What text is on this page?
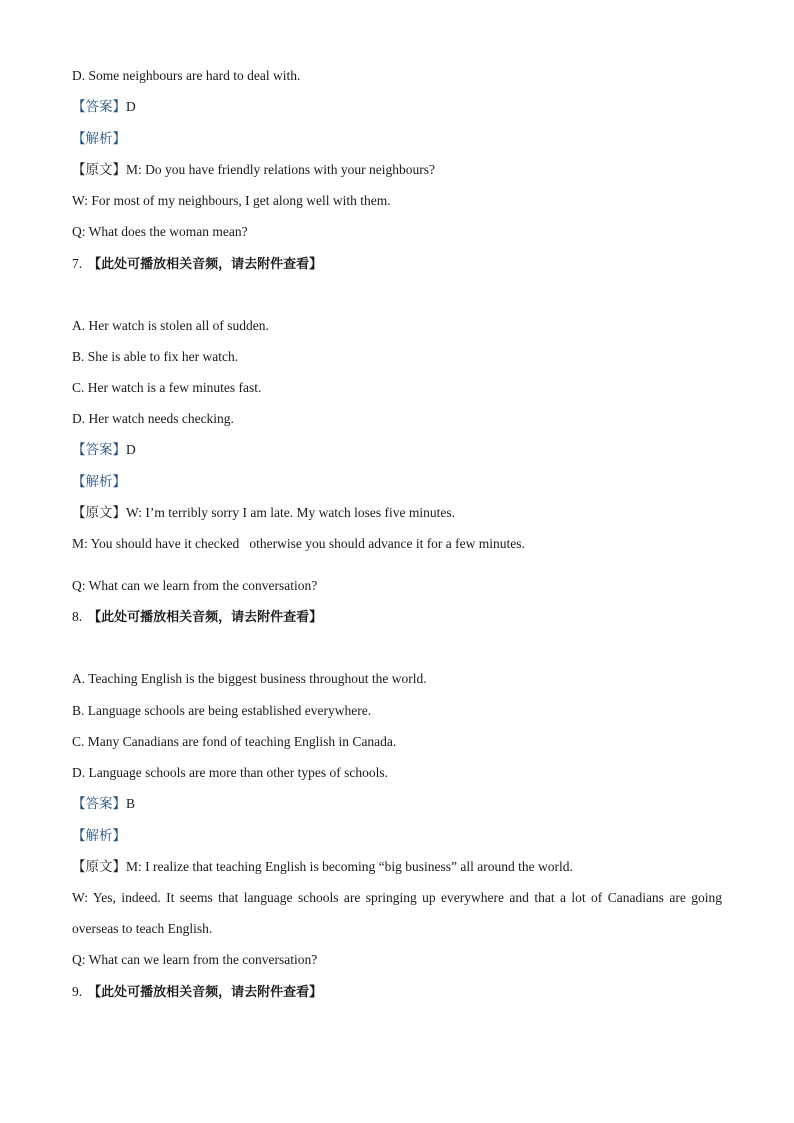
D. Some neighbours are hard to deal with.
【答案】D
【解析】
【原文】M: Do you have friendly relations with your neighbours?
W: For most of my neighbours, I get along well with them.
Q: What does the woman mean?
7. 【此处可播放相关音频，请去附件查看】
A. Her watch is stolen all of sudden.
B. She is able to fix her watch.
C. Her watch is a few minutes fast.
D. Her watch needs checking.
【答案】D
【解析】
【原文】W: I’m terribly sorry I am late. My watch loses five minutes.
M: You should have it checked   otherwise you should advance it for a few minutes.
Q: What can we learn from the conversation?
8. 【此处可播放相关音频，请去附件查看】
A. Teaching English is the biggest business throughout the world.
B. Language schools are being established everywhere.
C. Many Canadians are fond of teaching English in Canada.
D. Language schools are more than other types of schools.
【答案】B
【解析】
【原文】M: I realize that teaching English is becoming “big business” all around the world.
W: Yes, indeed. It seems that language schools are springing up everywhere and that a lot of Canadians are going
overseas to teach English.
Q: What can we learn from the conversation?
9. 【此处可播放相关音频，请去附件查看】
